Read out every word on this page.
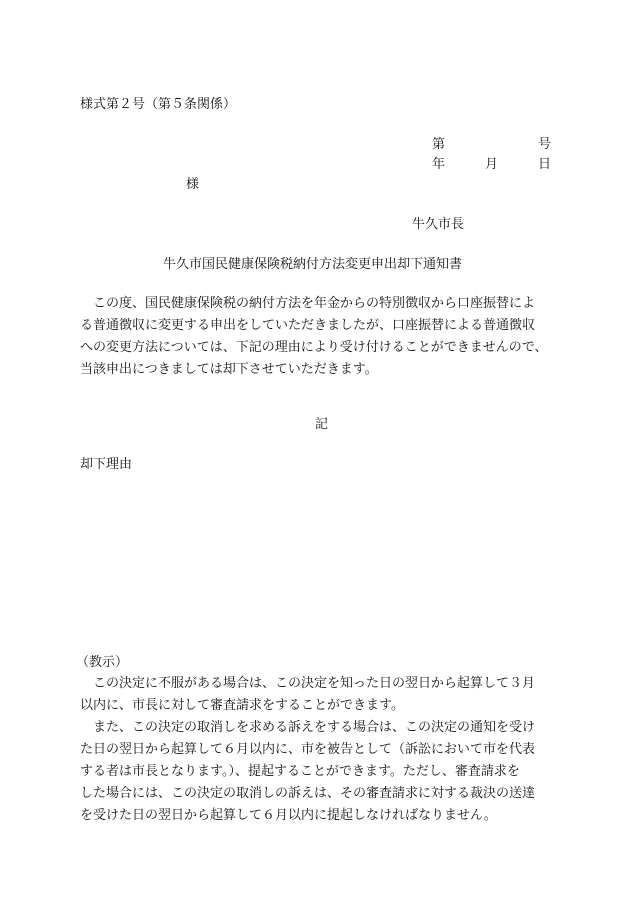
様式第２号（第５条関係）
第	号
年	月	日
様
牛久市長
牛久市国民健康保険税納付方法変更申出却下通知書
　この度、国民健康保険税の納付方法を年金からの特別徴収から口座振替によ
る普通徴収に変更する申出をしていただきましたが、口座振替による普通徴収
への変更方法については、下記の理由により受け付けることができませんので、
当該申出につきましては却下させていただきます。
記
却下理由
（教示）
　この決定に不服がある場合は、この決定を知った日の翌日から起算して３月
以内に、市長に対して審査請求をすることができます。
　また、この決定の取消しを求める訴えをする場合は、この決定の通知を受け
た日の翌日から起算して６月以内に、市を被告として（訴訟において市を代表
する者は市長となります。）、提起することができます。ただし、審査請求を
した場合には、この決定の取消しの訴えは、その審査請求に対する裁決の送達
を受けた日の翌日から起算して６月以内に提起しなければなりません。
